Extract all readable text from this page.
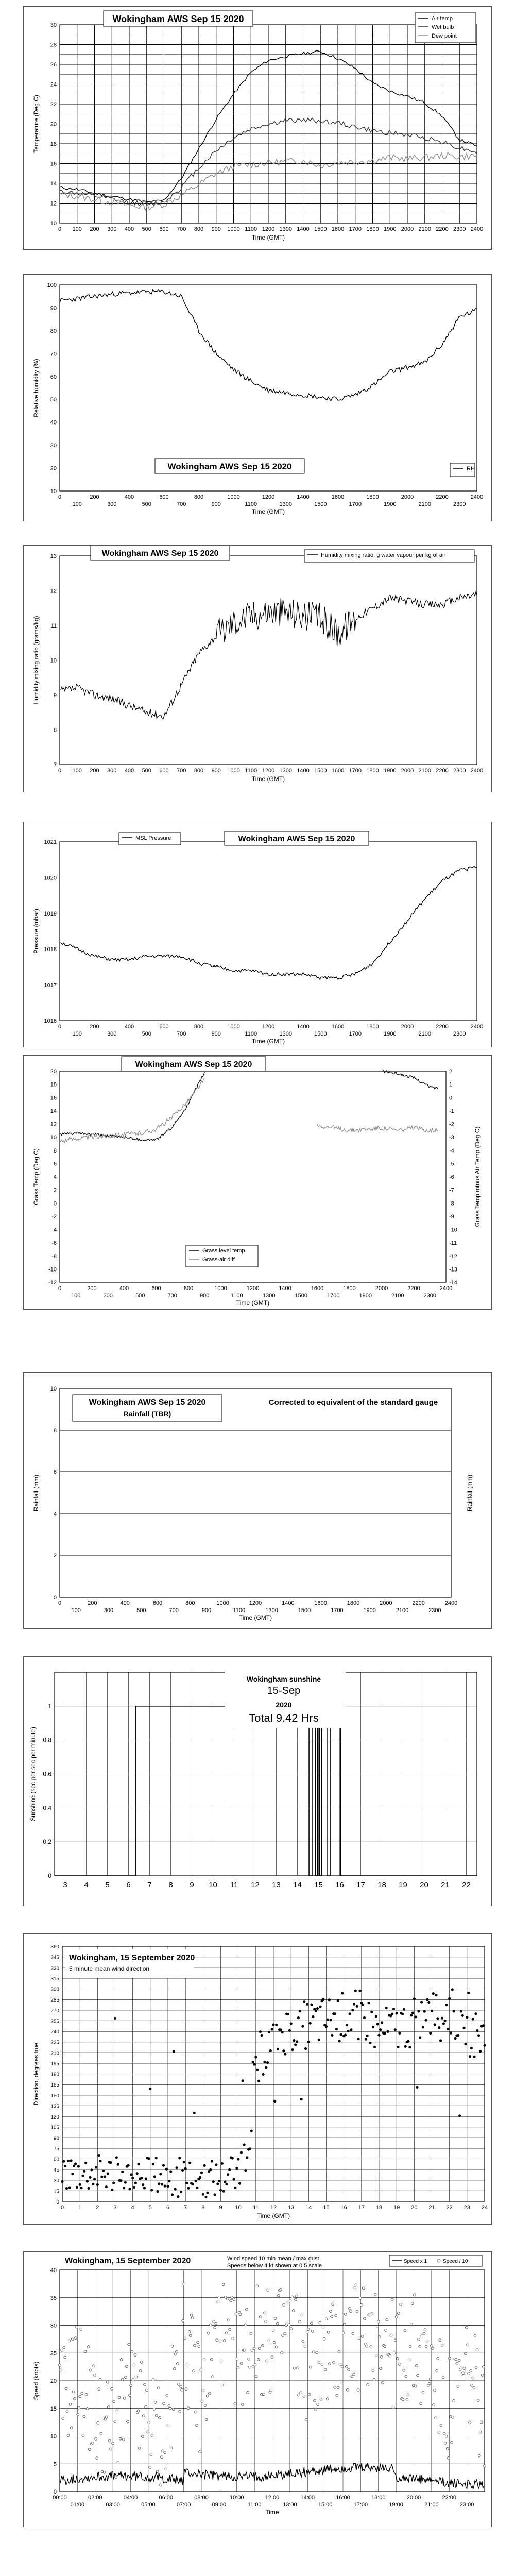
0 100 200 300 400 500 600 700 800 900 1000 1100 1200 1300 1400 1500 1600 1700 1800 1900 2000 2100 2200 2300 2400
10
12
14
16
18
20
22
24
26
28
30
Time (GMT)
Temperature (Deg C)
Wokingham AWS Sep 15 2020	Air temp
Wet bulb
Dew point
10
20
30
40
50
60
70
80
90
100
0	200	400	600	800	1000	1200	1400	1600	1800	2000	2200	2400
100	300	500	700	900	1100	1300	1500	1700	1900	2100	2300
Time (GMT)
Relative humidity (%)
Wokingham AWS Sep 15 2020	RH
7
8
9
10
11
12
13
0 100 200 300 400 500 600 700 800 900 1000 1100 1200 1300 1400 1500 1600 1700 1800 1900 2000 2100 2200 2300 2400
Time (GMT)
Humidity mixing ratio (grams/kg)
Wokingham AWS Sep 15 2020	Humidity mixing ratio. g water vapour per kg of air
1016
1017
1018
1019
1020
1021
0	200	400	600	800	1000	1200	1400	1600	1800	2000	2200	2400
100	300	500	700	900	1100	1300	1500	1700	1900	2100	2300
Time (GMT)
Pressure (mbar)
MSL Pressure	Wokingham AWS Sep 15 2020
-12
-10
-8
-6
-4
-2
0
2
4
6
8
10
12
14
16
18
20
-14
-13
-12
-11
-10
-9
-8
-7
-6
-5
-4
-3
-2
-1
0
1
2
0	200	400	600	800	1000	1200	1400	1600	1800	2000	2200	2400
100	300	500	700	900	1100	1300	1500	1700	1900	2100	2300
Time (GMT)
Grass Temp (Deg C)	Grass Temp minus Air Temp (Deg C)
Wokingham AWS Sep 15 2020
Grass level temp
Grass-air diff
0
2
4
6
8
10
0	200	400	600	800	1000	1200	1400	1600	1800	2000	2200	2400
100	300	500	700	900	1100	1300	1500	1700	1900	2100	2300
Time (GMT)
Rainfall (mm)	Rainfall (mm)
Wokingham AWS Sep 15 2020
Rainfall (TBR)
Corrected to equivalent of the standard gauge
3 4 5 6 7 8 9 10 11 12 13 14 15 16 17 18 19 20 21 22
0
0.2
0.4
0.6
0.8
1
Wokingham sunshine
15-Sep
2020
Total 9.42 Hrs
Sunshine (sec per sec per minute)
0	1	2	3	4	5	6	7	8	9 10 11 12 13 14 15 16 17 18 19 20 21 22 23 24
0
15
30
45
60
75
90
105
120
135
150
165
180
195
210
225
240
255
270
285
300
315
330
345
360
Time (GMT)
Direction, degrees true
Wokingham, 15 September 2020
5 minute mean wind direction
0
5
10
15
20
25
30
35
40
00:00	02:00	04:00	06:00	08:00	10:00	12:00	14:00	16:00	18:00	20:00	22:00
01:00	03:00	05:00	07:00	09:00	11:00	13:00	15:00	17:00	19:00	21:00	23:00
Time
Speed (knots)
Wokingham, 15 September 2020	Wind speed 10 min mean / max gust
Speeds below 4 kt shown at 0.5 scale
Speed x 1	Speed / 10
